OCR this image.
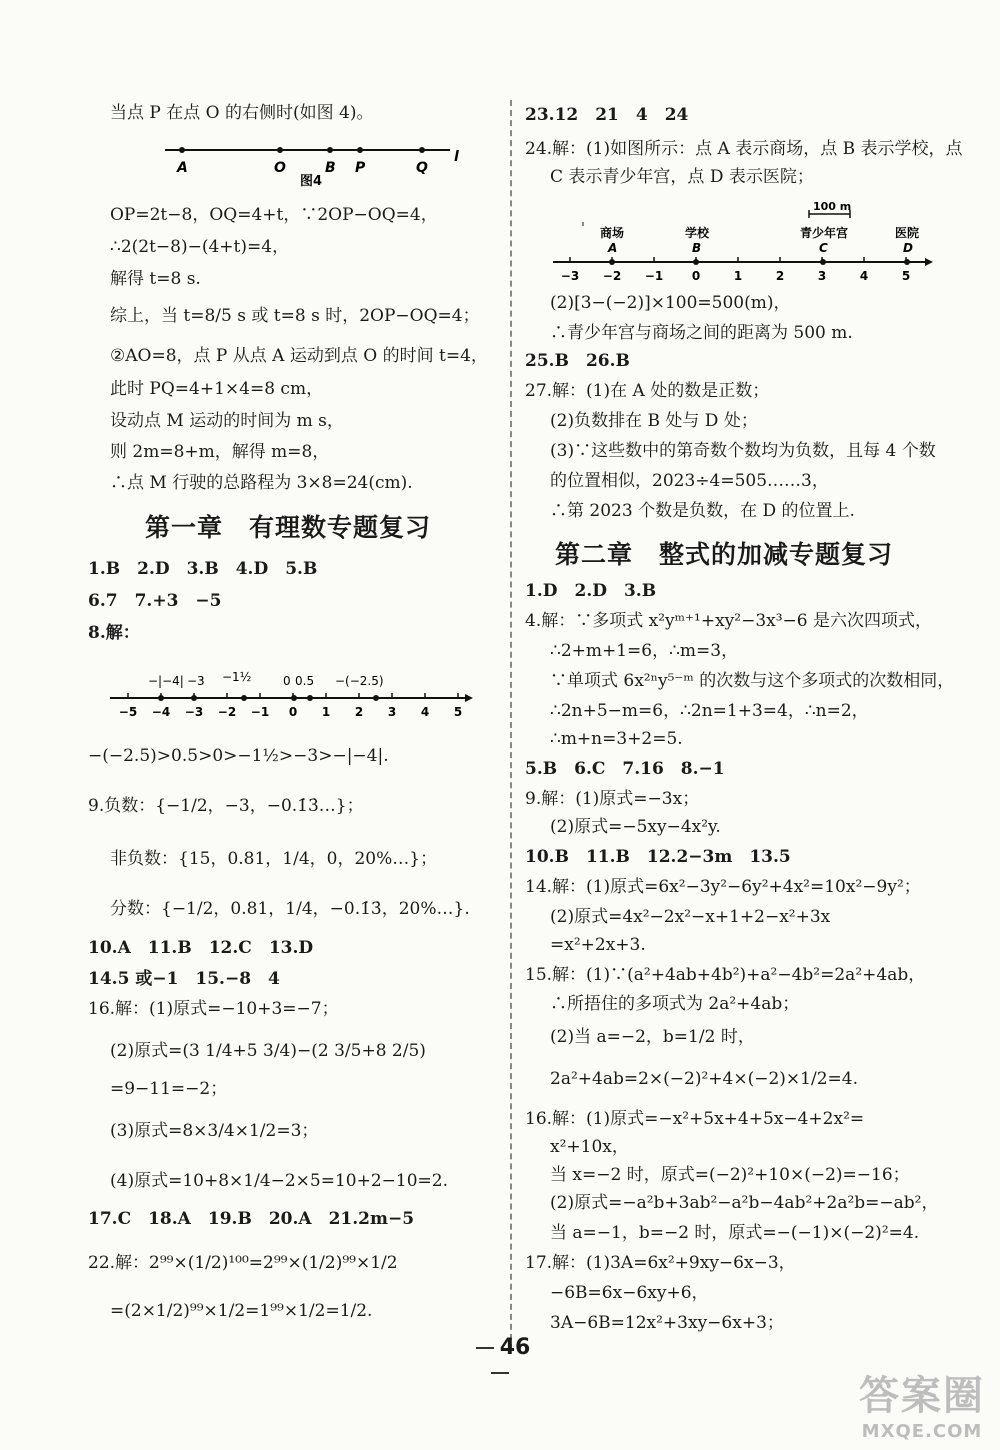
当点 P 在点 O 的右侧时(如图 4)。
A	O	B P	Q
l
图4
OP=2t−8，OQ=4+t，∵2OP−OQ=4，
∴2(2t−8)−(4+t)=4，
解得 t=8 s.
综上，当 t=8/5 s 或 t=8 s 时，2OP−OQ=4；
②AO=8，点 P 从点 A 运动到点 O 的时间 t=4，
此时 PQ=4+1×4=8 cm，
设动点 M 运动的时间为 m s，
则 2m=8+m，解得 m=8，
∴点 M 行驶的总路程为 3×8=24(cm).
第一章　有理数专题复习
1.B　2.D　3.B　4.D　5.B
6.7　7.+3　−5
8.解：
−5 −4 −3 −2 −1 0 1 2 3 4 5
−|−4| −3 −1½	0 0.5 −(−2.5)
−(−2.5)>0.5>0>−1½>−3>−|−4|.
9.负数：{−1/2，−3，−0.1̇3̇…}；
非负数：{15，0.81，1/4，0，20%…}；
分数：{−1/2，0.81，1/4，−0.1̇3̇，20%…}.
10.A　11.B　12.C　13.D
14.5 或−1　15.−8　4
16.解：(1)原式=−10+3=−7；
(2)原式=(3 1/4+5 3/4)−(2 3/5+8 2/5)
=9−11=−2；
(3)原式=8×3/4×1/2=3；
(4)原式=10+8×1/4−2×5=10+2−10=2.
17.C　18.A　19.B　20.A　21.2m−5
22.解：2⁹⁹×(1/2)¹⁰⁰=2⁹⁹×(1/2)⁹⁹×1/2
=(2×1/2)⁹⁹×1/2=1⁹⁹×1/2=1/2.
23.12　21　4　24
24.解：(1)如图所示：点 A 表示商场，点 B 表示学校，点
C 表示青少年宫，点 D 表示医院；
100 m
−3 −2 −1 0	1	2	3	4	5
商场	学校	青少年宫	医院
A	B	C	D
(2)[3−(−2)]×100=500(m)，
∴青少年宫与商场之间的距离为 500 m.
25.B　26.B
27.解：(1)在 A 处的数是正数；
(2)负数排在 B 处与 D 处；
(3)∵这些数中的第奇数个数均为负数，且每 4 个数
的位置相似，2023÷4=505……3，
∴第 2023 个数是负数，在 D 的位置上.
第二章　整式的加减专题复习
1.D　2.D　3.B
4.解：∵多项式 x²yᵐ⁺¹+xy²−3x³−6 是六次四项式，
∴2+m+1=6，∴m=3，
∵单项式 6x²ⁿy⁵⁻ᵐ 的次数与这个多项式的次数相同，
∴2n+5−m=6，∴2n=1+3=4，∴n=2，
∴m+n=3+2=5.
5.B　6.C　7.16　8.−1
9.解：(1)原式=−3x；
(2)原式=−5xy−4x²y.
10.B　11.B　12.2−3m　13.5
14.解：(1)原式=6x²−3y²−6y²+4x²=10x²−9y²；
(2)原式=4x²−2x²−x+1+2−x²+3x
=x²+2x+3.
15.解：(1)∵(a²+4ab+4b²)+a²−4b²=2a²+4ab，
∴所捂住的多项式为 2a²+4ab；
(2)当 a=−2，b=1/2 时，
2a²+4ab=2×(−2)²+4×(−2)×1/2=4.
16.解：(1)原式=−x²+5x+4+5x−4+2x²=
x²+10x，
当 x=−2 时，原式=(−2)²+10×(−2)=−16；
(2)原式=−a²b+3ab²−a²b−4ab²+2a²b=−ab²，
当 a=−1，b=−2 时，原式=−(−1)×(−2)²=4.
17.解：(1)3A=6x²+9xy−6x−3，
−6B=6x−6xy+6，
3A−6B=12x²+3xy−6x+3；
46
答案圈
MXQE.COM
